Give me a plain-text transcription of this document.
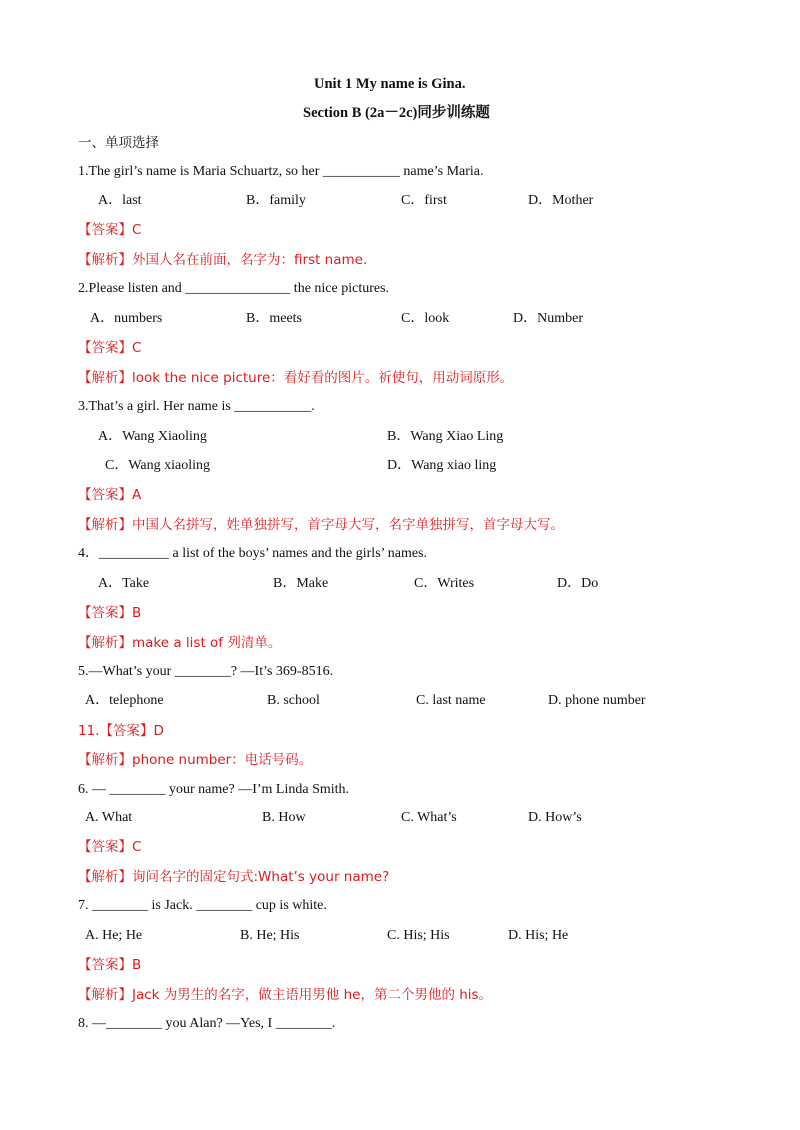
Unit 1 My name is Gina.
Section B (2a－2c)同步训练题
一、单项选择
1.The girl’s name is Maria Schuartz, so her ___________ name’s Maria.
A．last	B．family	C．first	D．Mother
【答案】C
【解析】外国人名在前面，名字为：first name.
2.Please listen and _______________ the nice pictures.
A．numbers	B．meets	C．look	D．Number
【答案】C
【解析】look the nice picture：看好看的图片。祈使句，用动词原形。
3.That’s a girl. Her name is ___________.
A．Wang Xiaoling	B．Wang Xiao Ling
C．Wang xiaoling	D．Wang xiao ling
【答案】A
【解析】中国人名拼写，姓单独拼写，首字母大写，名字单独拼写，首字母大写。
4．__________ a list of the boys’ names and the girls’ names.
A．Take	B．Make	C．Writes	D．Do
【答案】B
【解析】make a list of 列清单。
5.—What’s your ________? —It’s 369-8516.
A．telephone	B. school	C. last name	D. phone number
11.【答案】D
【解析】phone number：电话号码。
6. — ________ your name? —I’m Linda Smith.
A. What	B. How	C. What’s	D. How’s
【答案】C
【解析】询问名字的固定句式:What’s your name?
7. ________ is Jack. ________ cup is white.
A. He; He	B. He; His	C. His; His	D. His; He
【答案】B
【解析】Jack 为男生的名字，做主语用男他 he，第二个男他的 his。
8. —________ you Alan? —Yes, I ________.
